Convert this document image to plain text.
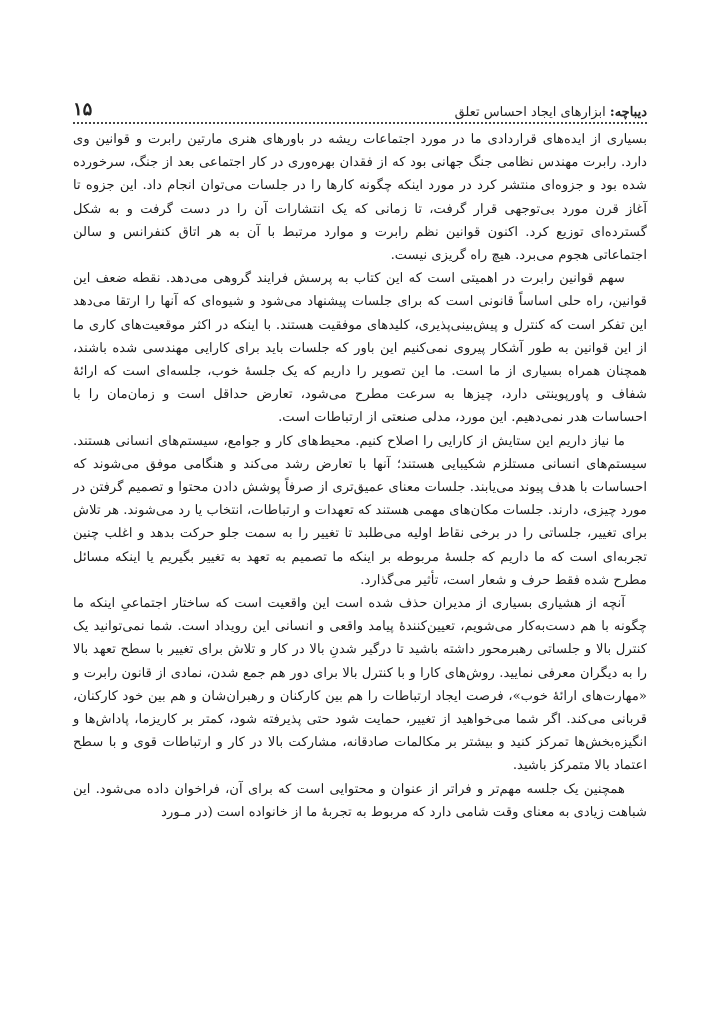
دیباچه: ابزارهای ایجاد احساس تعلق
۱۵

بسیاری از ایده‌های قراردادی ما در مورد اجتماعات ریشه در باورهای هنری مارتین رابرت و قوانین وی دارد. رابرت مهندس نظامی جنگ جهانی بود که از فقدان بهره‌وری در کار اجتماعی بعد از جنگ، سرخورده شده بود و جزوه‌ای منتشر کرد در مورد اینکه چگونه کارها را در جلسات می‌توان انجام داد. این جزوه تا آغاز قرن مورد بی‌توجهی قرار گرفت، تا زمانی که یک انتشارات آن را در دست گرفت و به شکل گسترده‌ای توزیع کرد. اکنون قوانین نظم رابرت و موارد مرتبط با آن به هر اتاق کنفرانس و سالن اجتماعاتی هجوم می‌برد. هیچ راه گریزی نیست.

سهم قوانین رابرت در اهمیتی است که این کتاب به پرسش فرایند گروهی می‌دهد. نقطه ضعف این قوانین، راه حلی اساساً قانونی است که برای جلسات پیشنهاد می‌شود و شیوه‌ای که آنها را ارتقا می‌دهد این تفکر است که کنترل و پیش‌بینی‌پذیری، کلیدهای موفقیت هستند. با اینکه در اکثر موقعیت‌های کاری ما از این قوانین به طور آشکار پیروی نمی‌کنیم این باور که جلسات باید برای کارایی مهندسی شده باشند، همچنان همراه بسیاری از ما است. ما این تصویر را داریم که یک جلسهٔ خوب، جلسه‌ای است که ارائهٔ شفاف و پاورپوینتی دارد، چیزها به سرعت مطرح می‌شود، تعارض حداقل است و زمان‌مان را با احساسات هدر نمی‌دهیم. این مورد، مدلی صنعتی از ارتباطات است.

ما نیاز داریم این ستایش از کارایی را اصلاح کنیم. محیط‌های کار و جوامع، سیستم‌های انسانی هستند. سیستم‌های انسانی مستلزم شکیبایی هستند؛ آنها با تعارض رشد می‌کند و هنگامی موفق می‌شوند که احساسات با هدف پیوند می‌یابند. جلسات معنای عمیق‌تری از صرفاً پوشش دادن محتوا و تصمیم گرفتن در مورد چیزی، دارند. جلسات مکان‌های مهمی هستند که تعهدات و ارتباطات، انتخاب یا رد می‌شوند. هر تلاش برای تغییر، جلساتی را در برخی نقاط اولیه می‌طلبد تا تغییر را به سمت جلو حرکت بدهد و اغلب چنین تجربه‌ای است که ما داریم که جلسهٔ مربوطه بر اینکه ما تصمیم به تعهد به تغییر بگیریم یا اینکه مسائل مطرح شده فقط حرف و شعار است، تأثیر می‌گذارد.

آنچه از هشیاری بسیاری از مدیران حذف شده است این واقعیت است که ساختار اجتماعیِ اینکه ما چگونه با هم دست‌به‌کار می‌شویم، تعیین‌کنندهٔ پیامد واقعی و انسانی این رویداد است. شما نمی‌توانید یک کنترل بالا و جلساتی رهبرمحور داشته باشید تا درگیر شدنِ بالا در کار و تلاش برای تغییر با سطح تعهد بالا را به دیگران معرفی نمایید. روش‌های کارا و با کنترل بالا برای دور هم جمع شدن، نمادی از قانون رابرت و «مهارت‌های ارائهٔ خوب»، فرصت ایجاد ارتباطات را هم بین کارکنان و رهبران‌شان و هم بین خود کارکنان، قربانی می‌کند. اگر شما می‌خواهید از تغییر، حمایت شود حتی پذیرفته شود، کمتر بر کاریزما، پاداش‌ها و انگیزه‌بخش‌ها تمرکز کنید و بیشتر بر مکالمات صادقانه، مشارکت بالا در کار و ارتباطات قوی و با سطح اعتماد بالا متمرکز باشید.

همچنین یک جلسه مهم‌تر و فراتر از عنوان و محتوایی است که برای آن، فراخوان داده می‌شود. این شباهت زیادی به معنای وقت شامی دارد که مربوط به تجربهٔ ما از خانواده است (در مـورد
